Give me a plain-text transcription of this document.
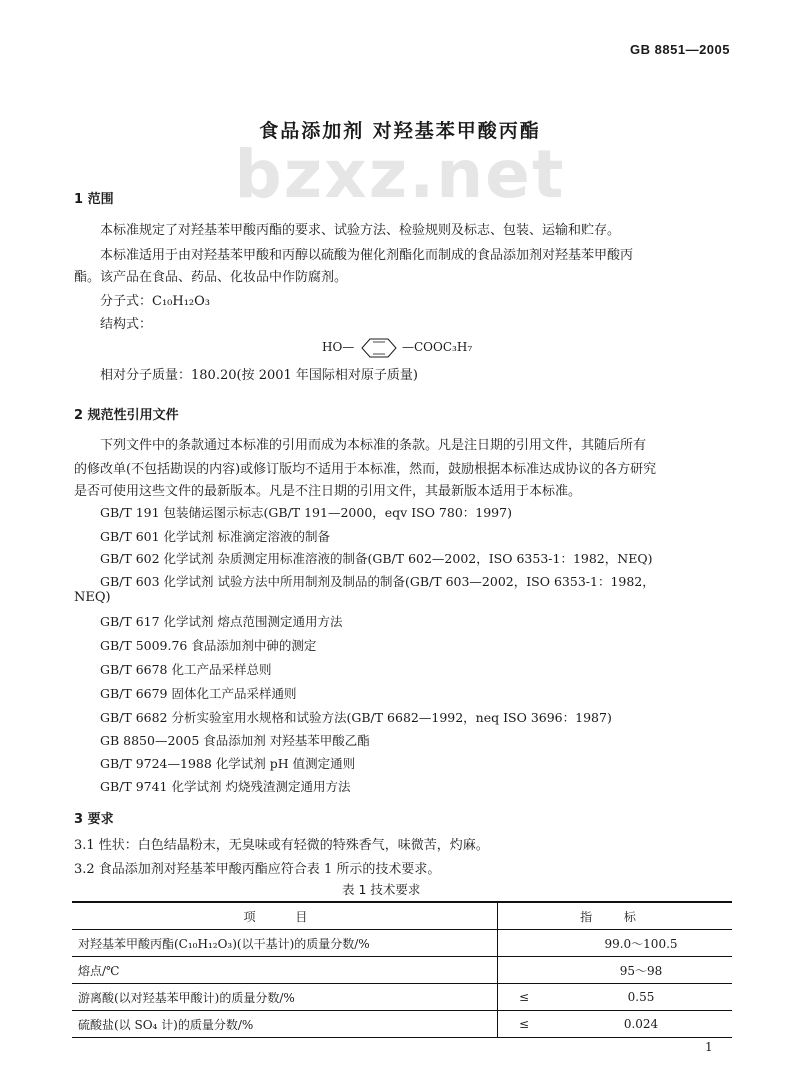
GB 8851—2005
bzxz.net
食品添加剂 对羟基苯甲酸丙酯
1 范围
本标准规定了对羟基苯甲酸丙酯的要求、试验方法、检验规则及标志、包装、运输和贮存。
本标准适用于由对羟基苯甲酸和丙醇以硫酸为催化剂酯化而制成的食品添加剂对羟基苯甲酸丙
酯。该产品在食品、药品、化妆品中作防腐剂。
分子式：C₁₀H₁₂O₃
结构式：
HO—	—COOC₃H₇
相对分子质量：180.20(按 2001 年国际相对原子质量)
2 规范性引用文件
下列文件中的条款通过本标准的引用而成为本标准的条款。凡是注日期的引用文件，其随后所有
的修改单(不包括勘误的内容)或修订版均不适用于本标准，然而，鼓励根据本标准达成协议的各方研究
是否可使用这些文件的最新版本。凡是不注日期的引用文件，其最新版本适用于本标准。
GB/T 191 包装储运图示标志(GB/T 191—2000，eqv ISO 780：1997)
GB/T 601 化学试剂 标准滴定溶液的制备
GB/T 602 化学试剂 杂质测定用标准溶液的制备(GB/T 602—2002，ISO 6353-1：1982，NEQ)
GB/T 603 化学试剂 试验方法中所用制剂及制品的制备(GB/T 603—2002，ISO 6353-1：1982，
NEQ)
GB/T 617 化学试剂 熔点范围测定通用方法
GB/T 5009.76 食品添加剂中砷的测定
GB/T 6678 化工产品采样总则
GB/T 6679 固体化工产品采样通则
GB/T 6682 分析实验室用水规格和试验方法(GB/T 6682—1992，neq ISO 3696：1987)
GB 8850—2005 食品添加剂 对羟基苯甲酸乙酯
GB/T 9724—1988 化学试剂 pH 值测定通则
GB/T 9741 化学试剂 灼烧残渣测定通用方法
3 要求
3.1 性状：白色结晶粉末，无臭味或有轻微的特殊香气，味微苦，灼麻。
3.2 食品添加剂对羟基苯甲酸丙酯应符合表 1 所示的技术要求。
表 1 技术要求
项 目	指 标	
对羟基苯甲酸丙酯(C₁₀H₁₂O₃)(以干基计)的质量分数/%		99.0～100.5
熔点/℃		95～98
游离酸(以对羟基苯甲酸计)的质量分数/%	≤	0.55
硫酸盐(以 SO₄ 计)的质量分数/%	≤	0.024
1
